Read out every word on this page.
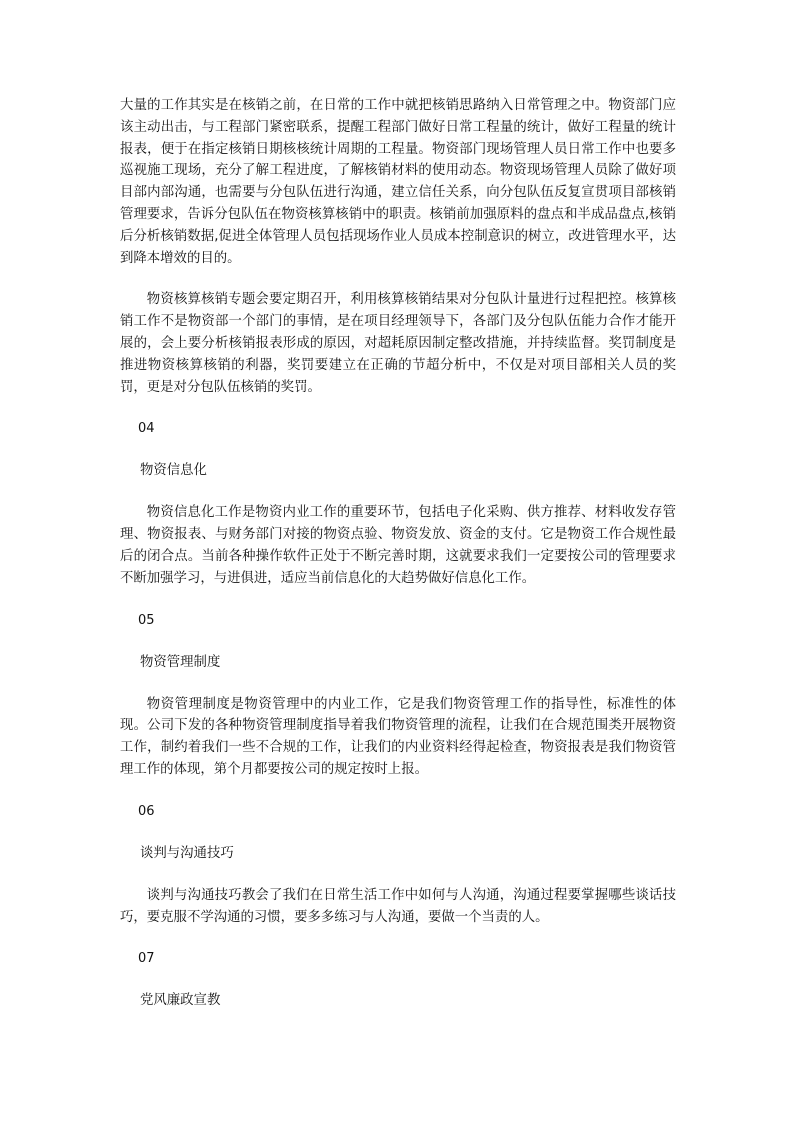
大量的工作其实是在核销之前，在日常的工作中就把核销思路纳入日常管理之中。物资部门应该主动出击，与工程部门紧密联系，提醒工程部门做好日常工程量的统计，做好工程量的统计报表，便于在指定核销日期核核统计周期的工程量。物资部门现场管理人员日常工作中也要多巡视施工现场，充分了解工程进度，了解核销材料的使用动态。物资现场管理人员除了做好项目部内部沟通，也需要与分包队伍进行沟通，建立信任关系，向分包队伍反复宣贯项目部核销管理要求，告诉分包队伍在物资核算核销中的职责。核销前加强原料的盘点和半成品盘点,核销后分析核销数据,促进全体管理人员包括现场作业人员成本控制意识的树立，改进管理水平，达到降本增效的目的。

物资核算核销专题会要定期召开，利用核算核销结果对分包队计量进行过程把控。核算核销工作不是物资部一个部门的事情，是在项目经理领导下，各部门及分包队伍能力合作才能开展的，会上要分析核销报表形成的原因，对超耗原因制定整改措施，并持续监督。奖罚制度是推进物资核算核销的利器，奖罚要建立在正确的节超分析中，不仅是对项目部相关人员的奖罚，更是对分包队伍核销的奖罚。

04
物资信息化

物资信息化工作是物资内业工作的重要环节，包括电子化采购、供方推荐、材料收发存管理、物资报表、与财务部门对接的物资点验、物资发放、资金的支付。它是物资工作合规性最后的闭合点。当前各种操作软件正处于不断完善时期，这就要求我们一定要按公司的管理要求不断加强学习，与进俱进，适应当前信息化的大趋势做好信息化工作。

05
物资管理制度

物资管理制度是物资管理中的内业工作，它是我们物资管理工作的指导性，标准性的体现。公司下发的各种物资管理制度指导着我们物资管理的流程，让我们在合规范围类开展物资工作，制约着我们一些不合规的工作，让我们的内业资料经得起检查，物资报表是我们物资管理工作的体现，第个月都要按公司的规定按时上报。

06
谈判与沟通技巧

谈判与沟通技巧教会了我们在日常生活工作中如何与人沟通，沟通过程要掌握哪些谈话技巧，要克服不学沟通的习惯，要多多练习与人沟通，要做一个当责的人。

07
党风廉政宣教
